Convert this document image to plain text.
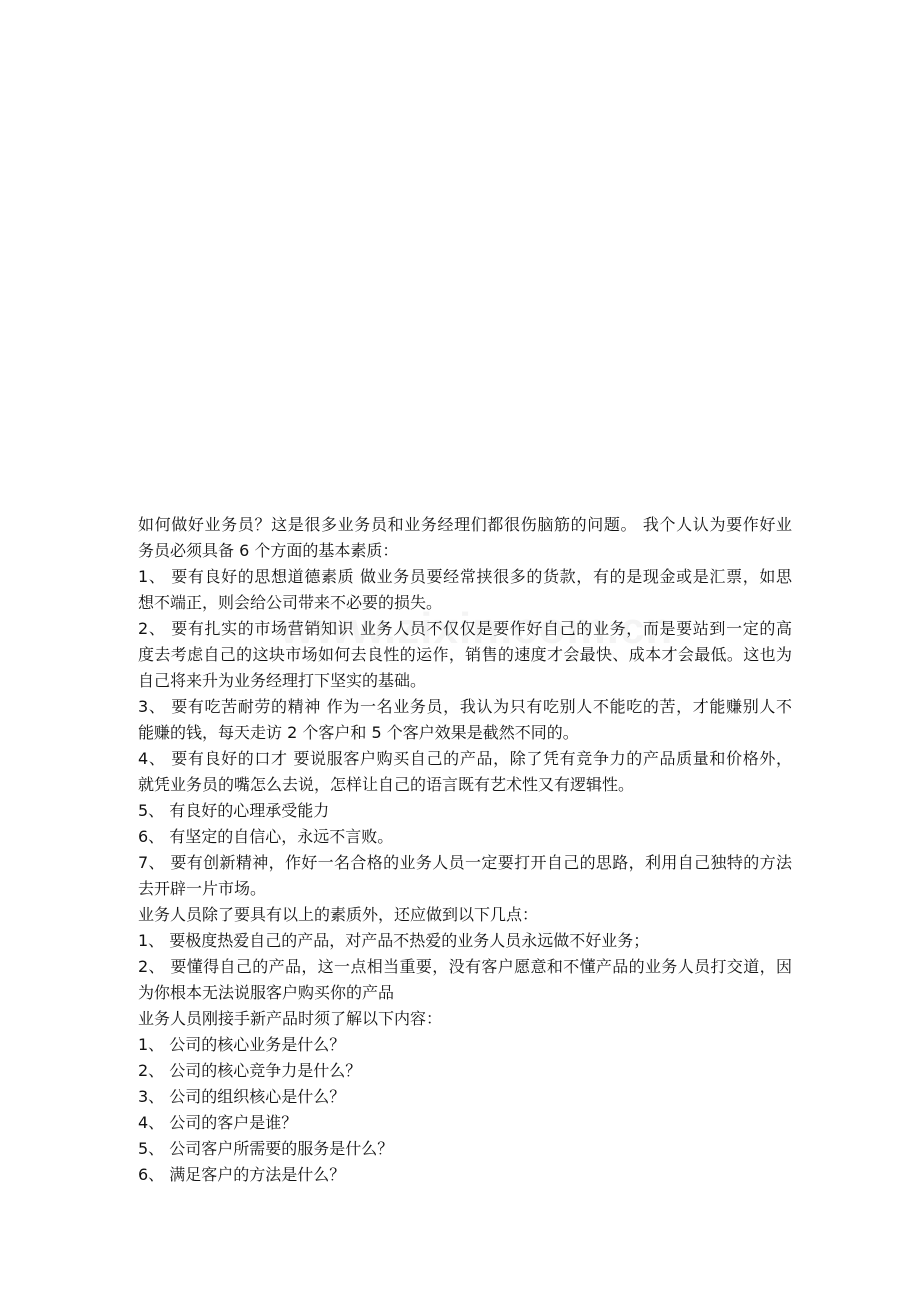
如何做好业务员？这是很多业务员和业务经理们都很伤脑筋的问题。 我个人认为要作好业
务员必须具备 6 个方面的基本素质：
1、 要有良好的思想道德素质 做业务员要经常挟很多的货款，有的是现金或是汇票，如思
想不端正，则会给公司带来不必要的损失。
2、 要有扎实的市场营销知识 业务人员不仅仅是要作好自己的业务，而是要站到一定的高
度去考虑自己的这块市场如何去良性的运作，销售的速度才会最快、成本才会最低。这也为
自己将来升为业务经理打下坚实的基础。
3、 要有吃苦耐劳的精神 作为一名业务员，我认为只有吃别人不能吃的苦，才能赚别人不
能赚的钱，每天走访 2 个客户和 5 个客户效果是截然不同的。
4、 要有良好的口才 要说服客户购买自己的产品，除了凭有竞争力的产品质量和价格外，
就凭业务员的嘴怎么去说，怎样让自己的语言既有艺术性又有逻辑性。
5、 有良好的心理承受能力
6、 有坚定的自信心，永远不言败。
7、 要有创新精神，作好一名合格的业务人员一定要打开自己的思路，利用自己独特的方法
去开辟一片市场。
业务人员除了要具有以上的素质外，还应做到以下几点：
1、 要极度热爱自己的产品，对产品不热爱的业务人员永远做不好业务；
2、 要懂得自己的产品，这一点相当重要，没有客户愿意和不懂产品的业务人员打交道，因
为你根本无法说服客户购买你的产品
业务人员刚接手新产品时须了解以下内容：
1、 公司的核心业务是什么？
2、 公司的核心竞争力是什么？
3、 公司的组织核心是什么？
4、 公司的客户是谁？
5、 公司客户所需要的服务是什么？
6、 满足客户的方法是什么？
